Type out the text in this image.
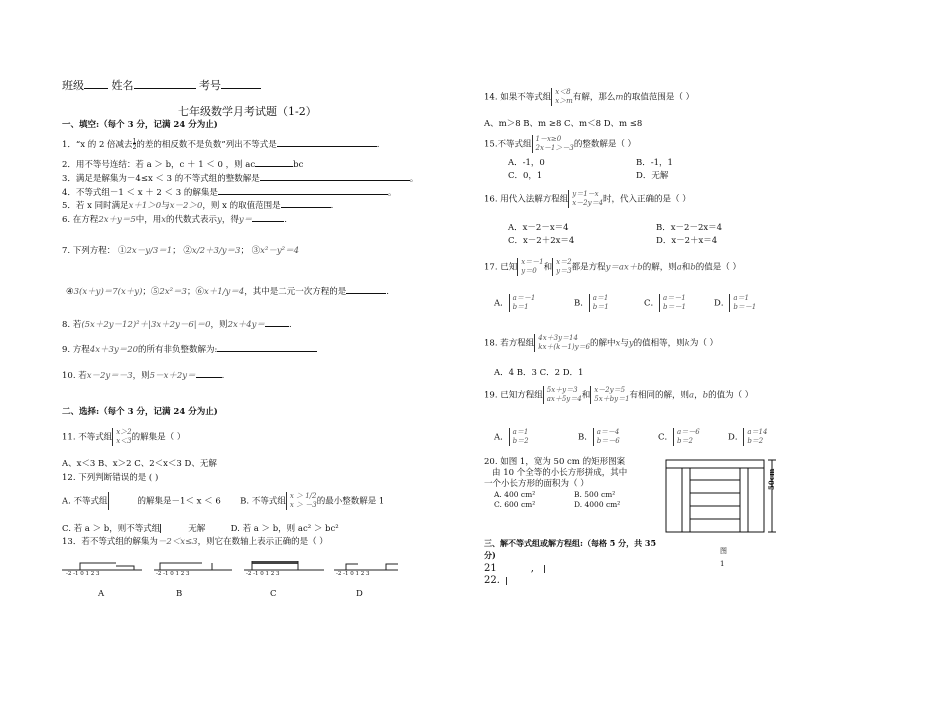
班级	姓名	考号
七年级数学月考试题（1-2）
一、填空:（每个 3 分，记满 24 分为止)
1．“x 的 2 倍减去1
2的差的相反数不是负数”列出不等式是	.
2．用不等号连结：若 a ＞ b，c ＋ 1 ＜ 0 ，则 ac	bc
3．满足是解集为－4≤x ＜ 3 的不等式组的整数解是	。
4．不等式组－1 ＜ x ＋ 2 ＜ 3 的解集是	。
5．若 x 同时满足x＋1＞0与x－2＞0，则 x 的取值范围是	.
6. 在方程2x＋y＝5中，用x的代数式表示y，得y＝	.
7. 下列方程： ①2x－y/3＝1； ②x/2＋3/y＝3； ③x²－y²＝4
④3(x＋y)＝7(x＋y)；⑤2x²＝3；⑥x＋1/y＝4，其中是二元一次方程的是	.
8. 若(5x＋2y－12)²＋|3x＋2y－6|＝0，则2x＋4y＝	.
9. 方程4x＋3y＝20的所有非负整数解为:
10. 若x－2y＝－3，则5－x＋2y＝	.
二、选择:（每个 3 分，记满 24 分为止)
11. 不等式组
x＞2
x＜3 的解集是（ ）
A、x＜3 B、x＞2 C、2＜x＜3 D、无解
12. 下列判断错误的是 ( )
A. 不等式组

	的解集是－1＜ x ＜ 6 B. 不等式组
x ＞ 1/2
x ＞ －3 的最小整数解是 1
C. 若 a ＞ b，则不等式组
	无解	D. 若 a ＞ b，则 ac² ＞ bc²
13．若不等式组的解集为－2＜x≤3，则它在数轴上表示正确的是（ ）
-2 -1 0 1 2 3	-2 -1 0 1 2 3	-2 -1 0 1 2 3	-2 -1 0 1 2 3
A	B	C	D
14. 如果不等式组
x＜8
x＞m 有解，那么m的取值范围是（ ）
A、m＞8 B、m ≥8 C、m＜8 D、m ≤8
15.不等式组
1－x≥0
2x－1＞－3 的整数解是（ ）
A．-1，0	B．-1，1
C．0，1	D．无解
16. 用代入法解方程组
y＝1－x
x－2y＝4 时，代入正确的是（ ）
A．x－2－x＝4	B．x－2－2x＝4
C．x－2＋2x＝4	D．x－2＋x＝4
17. 已知
x＝－1
y＝0 和
x＝2
y＝3 都是方程y＝ax＋b的解，则a和b的值是（ ）
A．
a＝－1
b＝1	B．
a＝1
b＝1	C．
a＝－1
b＝－1	D．
a＝1
b＝－1
18. 若方程组
4x＋3y＝14
kx＋(k－1)y＝6 的解中x与y的值相等，则k为（ ）
A．4 B．3 C．2 D．1
19. 已知方程组
5x＋y＝3
ax＋5y＝4 和
x－2y＝5
5x＋by＝1 有相同的解，则a，b的值为（ ）
A．
a＝1
b＝2	B．
a＝－4
b＝－6	C．
a＝－6
b＝2	D．
a＝14
b＝2
20. 如图 1，宽为 50 cm 的矩形图案
由 10 个全等的小长方形拼成，其中
一个小长方形的面积为（ ）
A. 400 cm²	B. 500 cm²
C. 600 cm²	D. 4000 cm²
50cm
三、解不等式组或解方程组:（每格 5 分，共 35
分)	图
1
21	,

22.
